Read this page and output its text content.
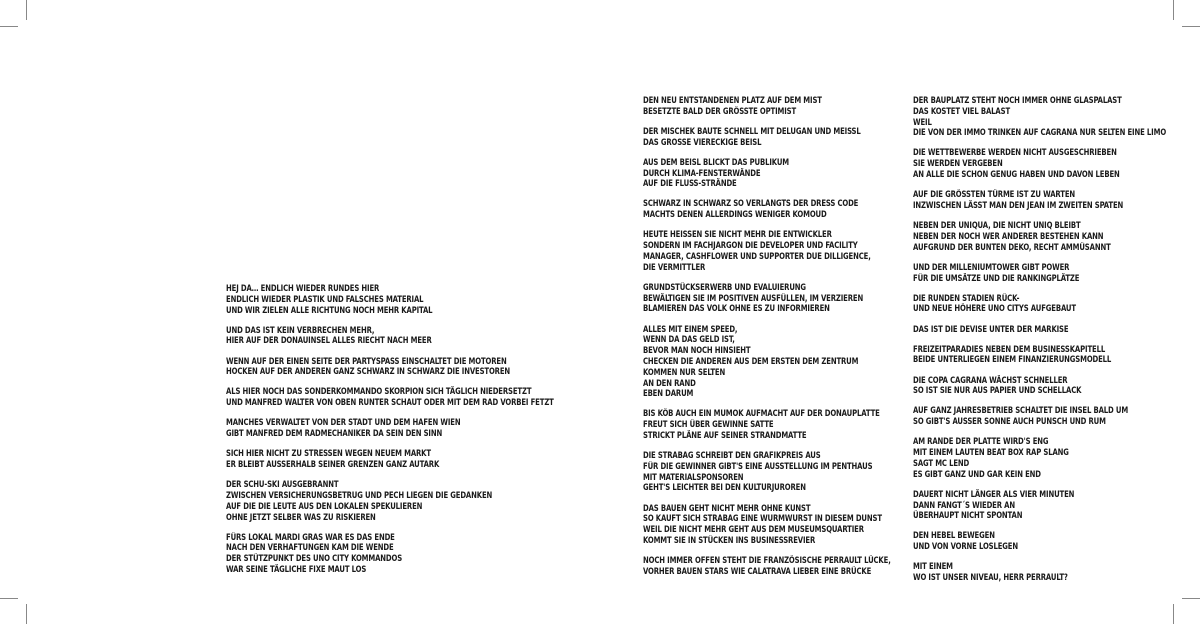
HEJ DA… ENDLICH WIEDER RUNDES HIER
ENDLICH WIEDER PLASTIK UND FALSCHES MATERIAL
UND WIR ZIELEN ALLE RICHTUNG NOCH MEHR KAPITAL
UND DAS IST KEIN VERBRECHEN MEHR,
HIER AUF DER DONAUINSEL ALLES RIECHT NACH MEER
WENN AUF DER EINEN SEITE DER PARTYSPASS EINSCHALTET DIE MOTOREN
HOCKEN AUF DER ANDEREN GANZ SCHWARZ IN SCHWARZ DIE INVESTOREN
ALS HIER NOCH DAS SONDERKOMMANDO SKORPION SICH TÄGLICH NIEDERSETZT
UND MANFRED WALTER VON OBEN RUNTER SCHAUT ODER MIT DEM RAD VORBEI FETZT
MANCHES VERWALTET VON DER STADT UND DEM HAFEN WIEN
GIBT MANFRED DEM RADMECHANIKER DA SEIN DEN SINN
SICH HIER NICHT ZU STRESSEN WEGEN NEUEM MARKT
ER BLEIBT AUSSERHALB SEINER GRENZEN GANZ AUTARK
DER SCHU-SKI AUSGEBRANNT
ZWISCHEN VERSICHERUNGSBETRUG UND PECH LIEGEN DIE GEDANKEN
AUF DIE DIE LEUTE AUS DEN LOKALEN SPEKULIEREN
OHNE JETZT SELBER WAS ZU RISKIEREN
FÜRS LOKAL MARDI GRAS WAR ES DAS ENDE
NACH DEN VERHAFTUNGEN KAM DIE WENDE
DER STÜTZPUNKT DES UNO CITY KOMMANDOS
WAR SEINE TÄGLICHE FIXE MAUT LOS
DEN NEU ENTSTANDENEN PLATZ AUF DEM MIST
BESETZTE BALD DER GRÖSSTE OPTIMIST
DER MISCHEK BAUTE SCHNELL MIT DELUGAN UND MEISSL
DAS GROSSE VIERECKIGE BEISL
AUS DEM BEISL BLICKT DAS PUBLIKUM
DURCH KLIMA-FENSTERWÄNDE
AUF DIE FLUSS-STRÄNDE
SCHWARZ IN SCHWARZ SO VERLANGTS DER DRESS CODE
MACHTS DENEN ALLERDINGS WENIGER KOMOUD
HEUTE HEISSEN SIE NICHT MEHR DIE ENTWICKLER
SONDERN IM FACHJARGON DIE DEVELOPER UND FACILITY
MANAGER, CASHFLOWER UND SUPPORTER DUE DILLIGENCE,
DIE VERMITTLER
GRUNDSTÜCKSERWERB UND EVALUIERUNG
BEWÄLTIGEN SIE IM POSITIVEN AUSFÜLLEN, IM VERZIEREN
BLAMIEREN DAS VOLK OHNE ES ZU INFORMIEREN
ALLES MIT EINEM SPEED,
WENN DA DAS GELD IST,
BEVOR MAN NOCH HINSIEHT
CHECKEN DIE ANDEREN AUS DEM ERSTEN DEM ZENTRUM
KOMMEN NUR SELTEN
AN DEN RAND
EBEN DARUM
BIS KÖB AUCH EIN MUMOK AUFMACHT AUF DER DONAUPLATTE
FREUT SICH ÜBER GEWINNE SATTE
STRICKT PLÄNE AUF SEINER STRANDMATTE
DIE STRABAG SCHREIBT DEN GRAFIKPREIS AUS
FÜR DIE GEWINNER GIBT'S EINE AUSSTELLUNG IM PENTHAUS
MIT MATERIALSPONSOREN
GEHT'S LEICHTER BEI DEN KULTURJUROREN
DAS BAUEN GEHT NICHT MEHR OHNE KUNST
SO KAUFT SICH STRABAG EINE WURMWURST IN DIESEM DUNST
WEIL DIE NICHT MEHR GEHT AUS DEM MUSEUMSQUARTIER
KOMMT SIE IN STÜCKEN INS BUSINESSREVIER
NOCH IMMER OFFEN STEHT DIE FRANZÖSISCHE PERRAULT LÜCKE,
VORHER BAUEN STARS WIE CALATRAVA LIEBER EINE BRÜCKE
DER BAUPLATZ STEHT NOCH IMMER OHNE GLASPALAST
DAS KOSTET VIEL BALAST
WEIL
DIE VON DER IMMO TRINKEN AUF CAGRANA NUR SELTEN EINE LIMO
DIE WETTBEWERBE WERDEN NICHT AUSGESCHRIEBEN
SIE WERDEN VERGEBEN
AN ALLE DIE SCHON GENUG HABEN UND DAVON LEBEN
AUF DIE GRÖSSTEN TÜRME IST ZU WARTEN
INZWISCHEN LÄSST MAN DEN JEAN IM ZWEITEN SPATEN
NEBEN DER UNIQUA, DIE NICHT UNIQ BLEIBT
NEBEN DER NOCH WER ANDERER BESTEHEN KANN
AUFGRUND DER BUNTEN DEKO, RECHT AMMÜSANNT
UND DER MILLENIUMTOWER GIBT POWER
FÜR DIE UMSÄTZE UND DIE RANKINGPLÄTZE
DIE RUNDEN STADIEN RÜCK-
UND NEUE HÖHERE UNO CITYS AUFGEBAUT
DAS IST DIE DEVISE UNTER DER MARKISE
FREIZEITPARADIES NEBEN DEM BUSINESSKAPITELL
BEIDE UNTERLIEGEN EINEM FINANZIERUNGSMODELL
DIE COPA CAGRANA WÄCHST SCHNELLER
SO IST SIE NUR AUS PAPIER UND SCHELLACK
AUF GANZ JAHRESBETRIEB SCHALTET DIE INSEL BALD UM
SO GIBT'S AUSSER SONNE AUCH PUNSCH UND RUM
AM RANDE DER PLATTE WIRD'S ENG
MIT EINEM LAUTEN BEAT BOX RAP SLANG
SAGT MC LEND
ES GIBT GANZ UND GAR KEIN END
DAUERT NICHT LÄNGER ALS VIER MINUTEN
DANN FANGT´S WIEDER AN
ÜBERHAUPT NICHT SPONTAN
DEN HEBEL BEWEGEN
UND VON VORNE LOSLEGEN
MIT EINEM
WO IST UNSER NIVEAU, HERR PERRAULT?
